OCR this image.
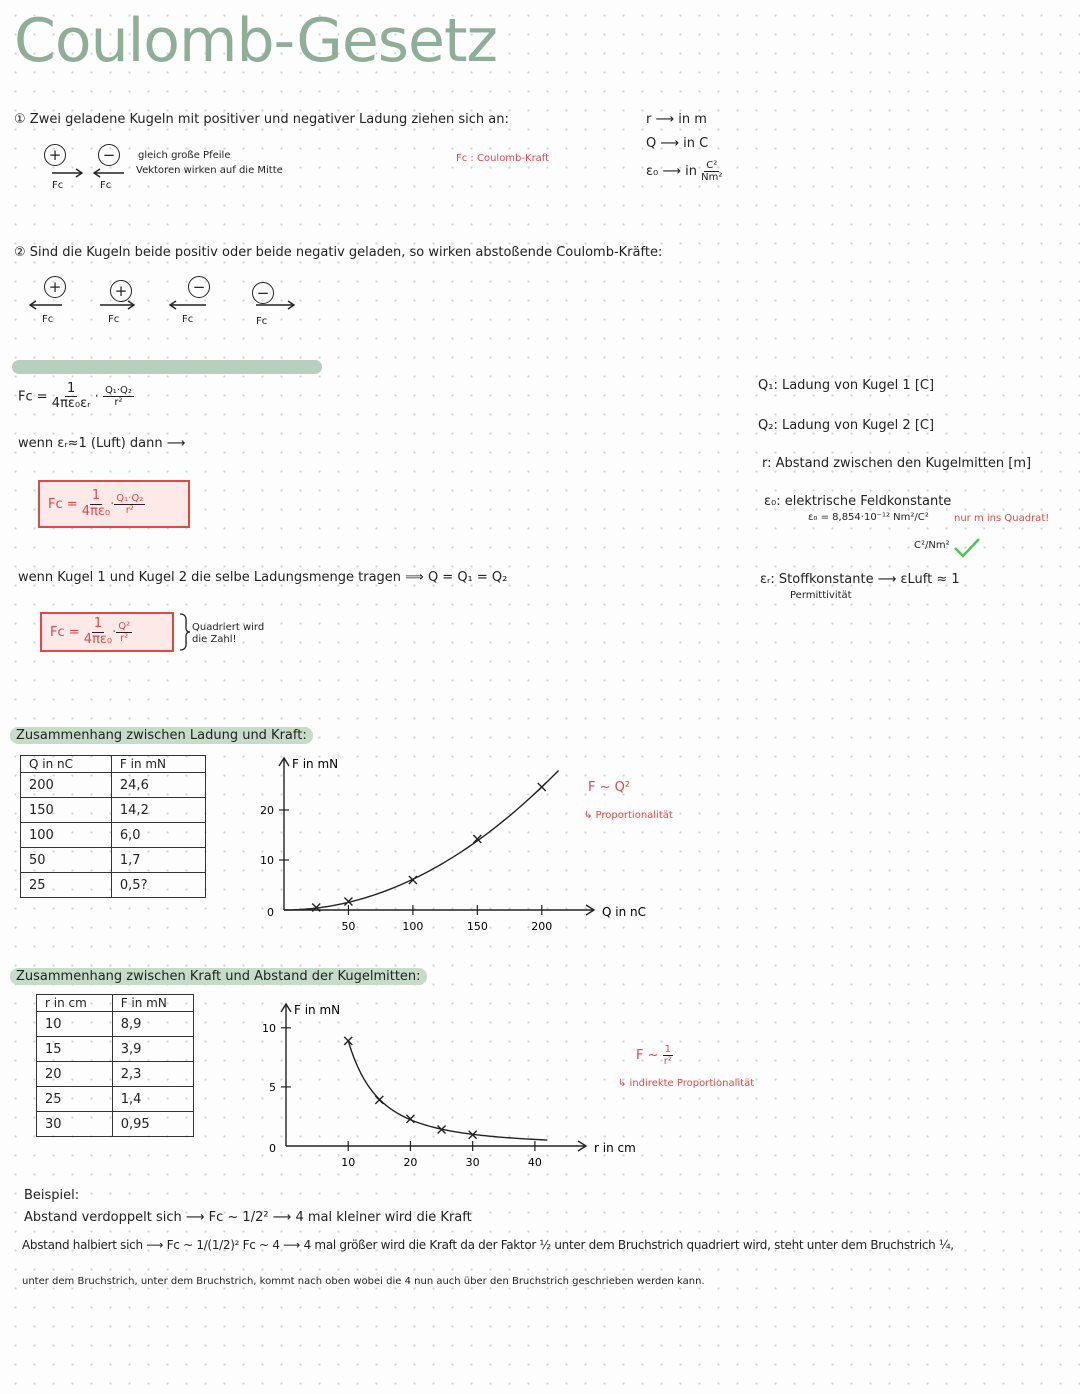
Coulomb-Gesetz
① Zwei geladene Kugeln mit positiver und negativer Ladung ziehen sich an:
+	−
Fc	Fc
gleich große Pfeile
Vektoren wirken auf die Mitte
Fc : Coulomb-Kraft
r ⟶ in m
Q ⟶ in C
ε₀ ⟶ in $\frac{\text{C²}}{\text{Nm²}}$
② Sind die Kugeln beide positiv oder beide negativ geladen, so wirken abstoßende Coulomb-Kräfte:
+	+	−	−
Fc	Fc	Fc	Fc
$Fc = \frac{1}{\text{4πε₀εᵣ}} \cdot \frac{\text{Q₁·Q₂}}{\text{r²}}$
wenn εᵣ≈1 (Luft) dann ⟶
Fc =
$\frac{1}{\text{4πε₀}} \cdot \frac{\text{Q₁·Q₂}}{\text{r²}}$
Q₁: Ladung von Kugel 1 [C]
Q₂: Ladung von Kugel 2 [C]
r: Abstand zwischen den Kugelmitten [m]
ε₀: elektrische Feldkonstante
ε₀ = 8,854·10⁻¹² Nm²/C²	nur m ins Quadrat!
C²/Nm²
εᵣ: Stoffkonstante ⟶ εLuft ≈ 1
Permittivität
wenn Kugel 1 und Kugel 2 die selbe Ladungsmenge tragen ⟹ Q = Q₁ = Q₂
Fc =
$\frac{1}{\text{4πε₀}} \cdot \frac{\text{Q²}}{\text{r²}}$	Quadriert wird
die Zahl!
Zusammenhang zwischen Ladung und Kraft:
Q in nC	F in mN
200	24,6
150	14,2
100	6,0
50	1,7
25	0,5?
F in mN
Q in nC
50	100	150	200
0
10
20
F ~ Q²
↳ Proportionalität
Zusammenhang zwischen Kraft und Abstand der Kugelmitten:
r in cm	F in mN
10	8,9
15	3,9
20	2,3
25	1,4
30	0,95
F in mN
r in cm
10	20	30	40
0
5
10
F ~ $\frac{1}{\text{r²}}$
↳ indirekte Proportionalität
Beispiel:
Abstand verdoppelt sich ⟶ Fc ~ 1/2² ⟶ 4 mal kleiner wird die Kraft
Abstand halbiert sich ⟶ Fc ~ 1/(1/2)² Fc ~ 4 ⟶ 4 mal größer wird die Kraft da der Faktor ½ unter dem Bruchstrich quadriert wird, steht unter dem Bruchstrich ¼,
unter dem Bruchstrich, unter dem Bruchstrich, kommt nach oben wobei die 4 nun auch über den Bruchstrich geschrieben werden kann.
